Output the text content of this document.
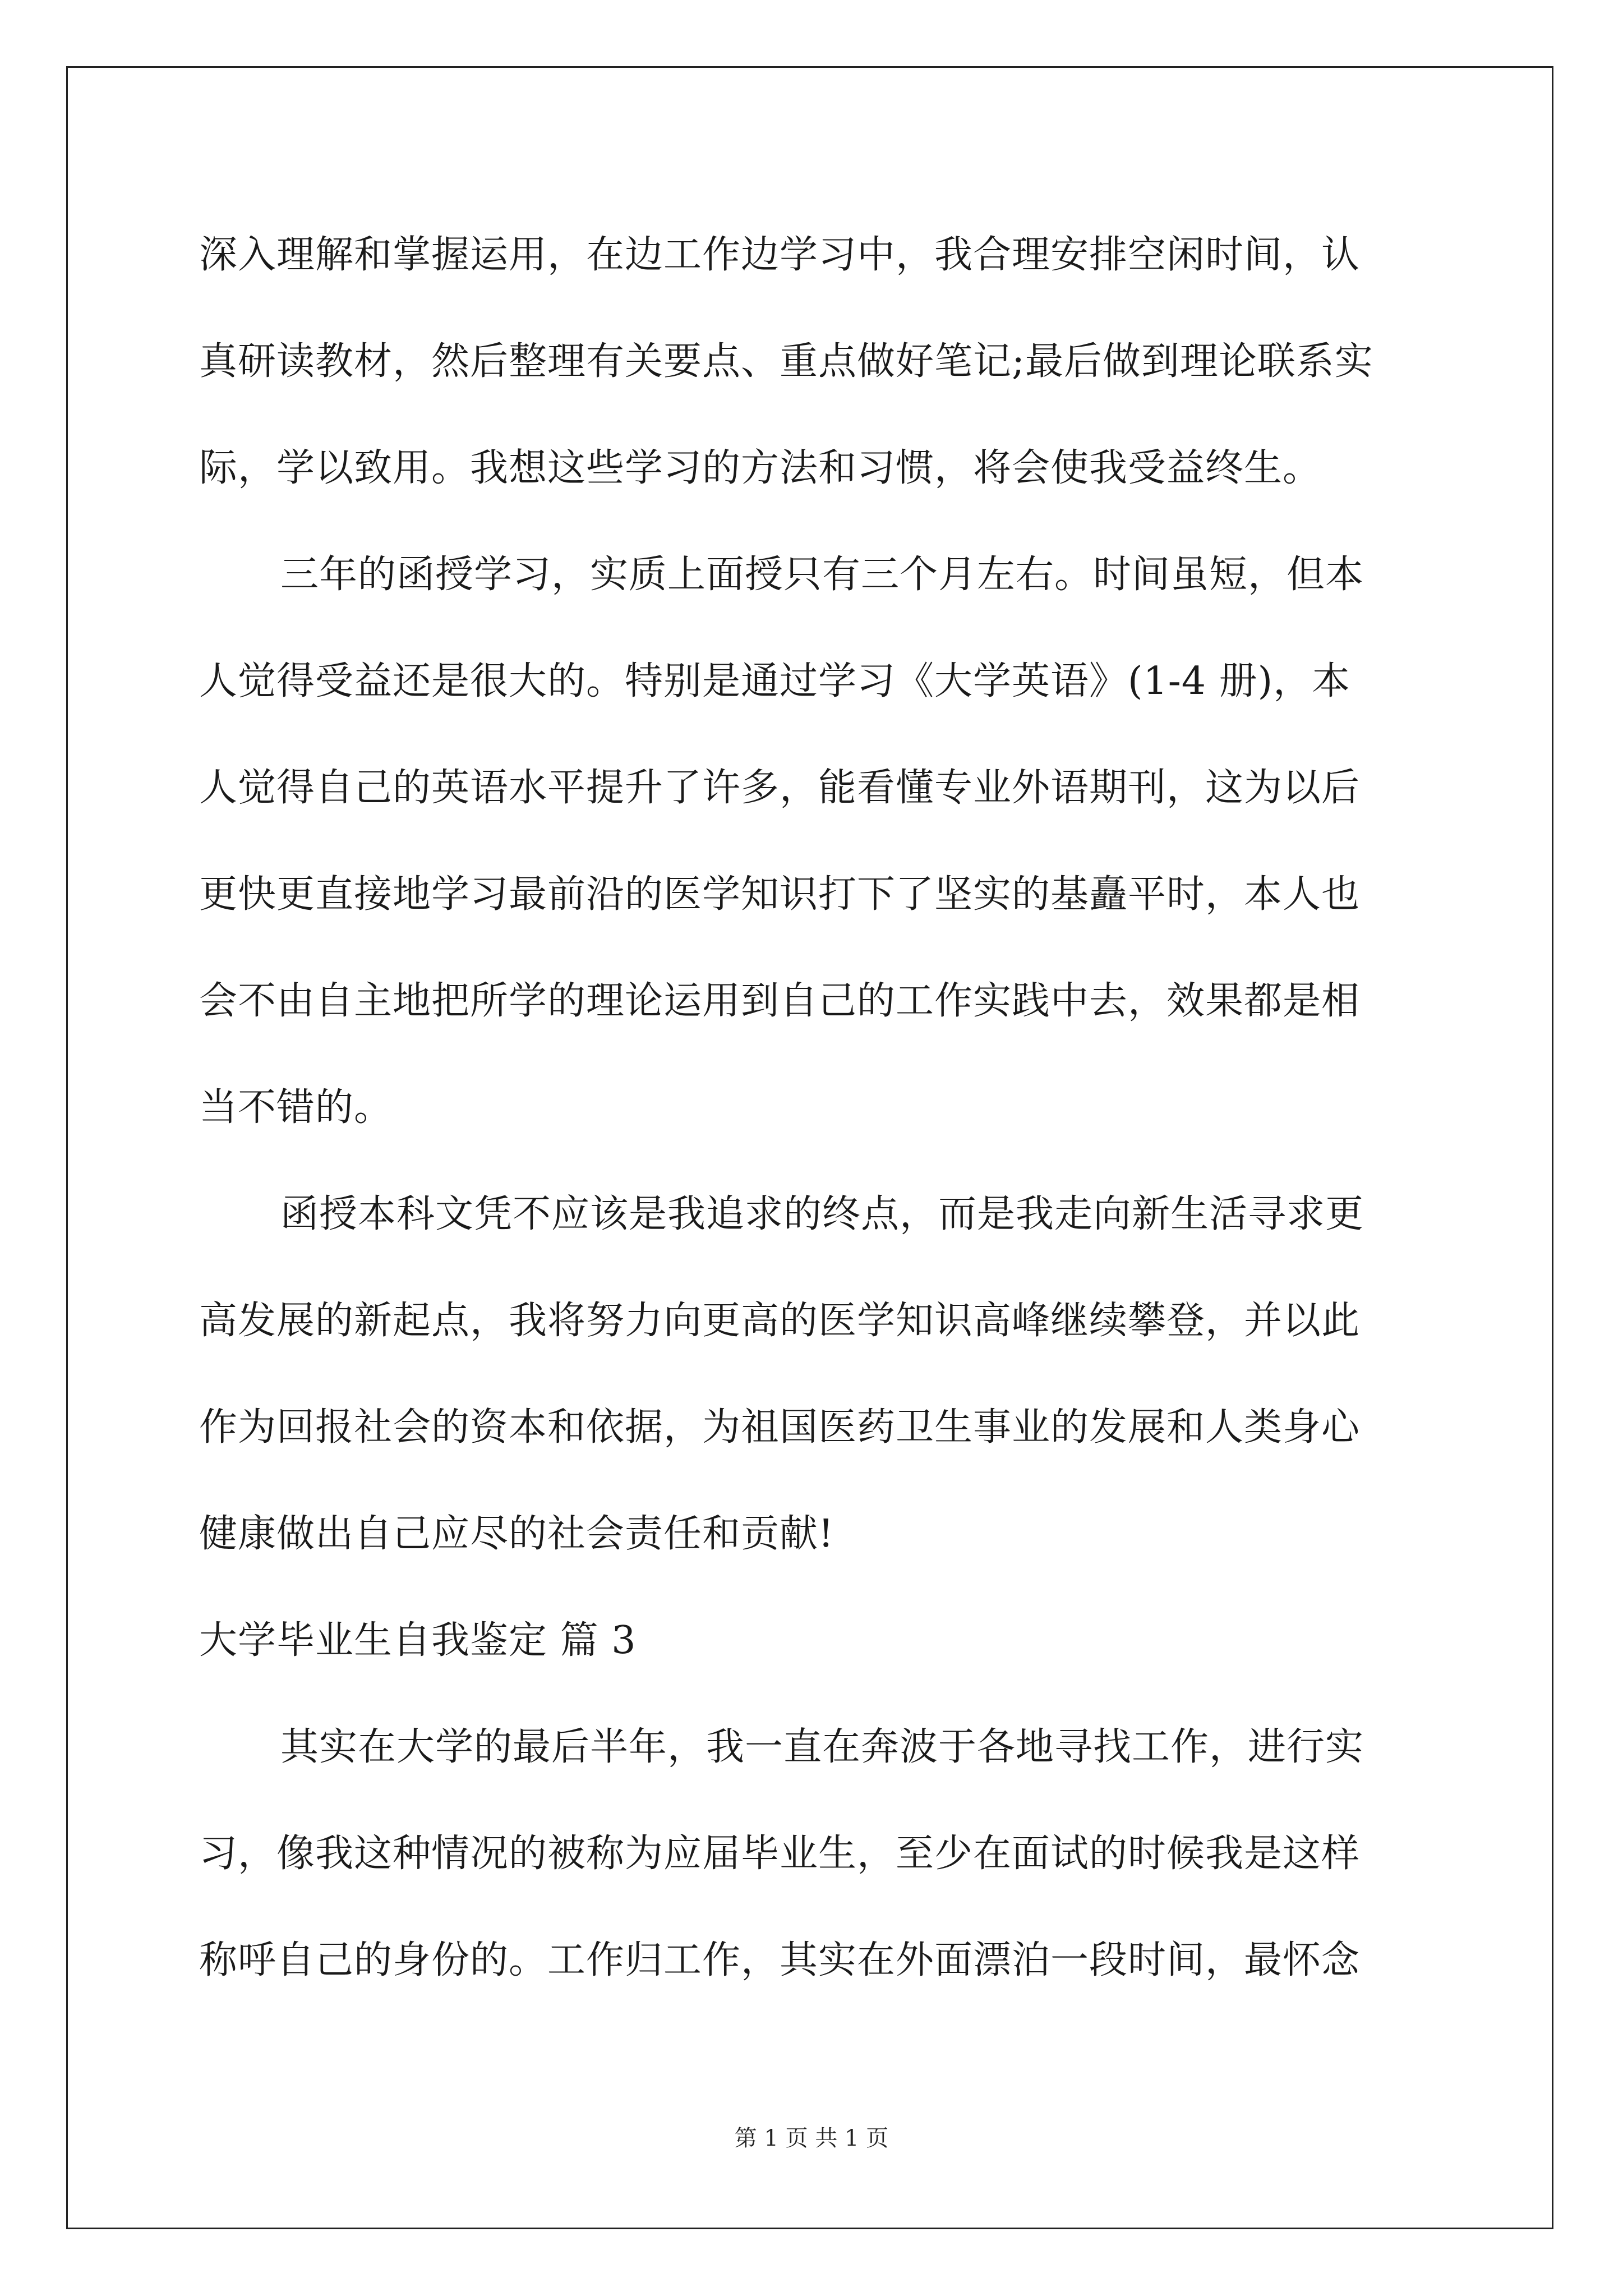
深入理解和掌握运用，在边工作边学习中，我合理安排空闲时间，认
真研读教材，然后整理有关要点、重点做好笔记;最后做到理论联系实
际，学以致用。我想这些学习的方法和习惯，将会使我受益终生。
三年的函授学习，实质上面授只有三个月左右。时间虽短，但本
人觉得受益还是很大的。特别是通过学习《大学英语》(1-4 册)，本
人觉得自己的英语水平提升了许多，能看懂专业外语期刊，这为以后
更快更直接地学习最前沿的医学知识打下了坚实的基矗平时，本人也
会不由自主地把所学的理论运用到自己的工作实践中去，效果都是相
当不错的。
函授本科文凭不应该是我追求的终点，而是我走向新生活寻求更
高发展的新起点，我将努力向更高的医学知识高峰继续攀登，并以此
作为回报社会的资本和依据，为祖国医药卫生事业的发展和人类身心
健康做出自己应尽的社会责任和贡献!
大学毕业生自我鉴定 篇 3
其实在大学的最后半年，我一直在奔波于各地寻找工作，进行实
习，像我这种情况的被称为应届毕业生，至少在面试的时候我是这样
称呼自己的身份的。工作归工作，其实在外面漂泊一段时间，最怀念
第 1 页 共 1 页
